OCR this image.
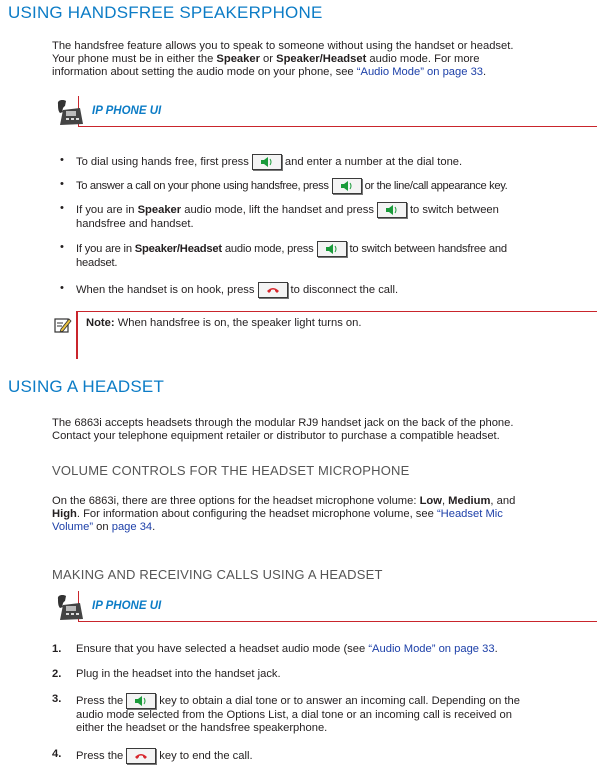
USING HANDSFREE SPEAKERPHONE
The handsfree feature allows you to speak to someone without using the handset or headset.
Your phone must be in either the Speaker or Speaker/Headset audio mode. For more
information about setting the audio mode on your phone, see “Audio Mode” on page 33.
IP PHONE UI
• To dial using hands free, first press	and enter a number at the dial tone.
• To answer a call on your phone using handsfree, press	or the line/call appearance key.
• If you are in Speaker audio mode, lift the handset and press	to switch between
handsfree and handset.
• If you are in Speaker/Headset audio mode, press	to switch between handsfree and
headset.
• When the handset is on hook, press	to disconnect the call.
Note: When handsfree is on, the speaker light turns on.
USING A HEADSET
The 6863i accepts headsets through the modular RJ9 handset jack on the back of the phone.
Contact your telephone equipment retailer or distributor to purchase a compatible headset.
VOLUME CONTROLS FOR THE HEADSET MICROPHONE
On the 6863i, there are three options for the headset microphone volume: Low, Medium, and
High. For information about configuring the headset microphone volume, see “Headset Mic
Volume” on page 34.
MAKING AND RECEIVING CALLS USING A HEADSET
IP PHONE UI
1. Ensure that you have selected a headset audio mode (see “Audio Mode” on page 33.
2. Plug in the headset into the handset jack.
3. Press the	key to obtain a dial tone or to answer an incoming call. Depending on the
audio mode selected from the Options List, a dial tone or an incoming call is received on
either the headset or the handsfree speakerphone.
4. Press the	key to end the call.
